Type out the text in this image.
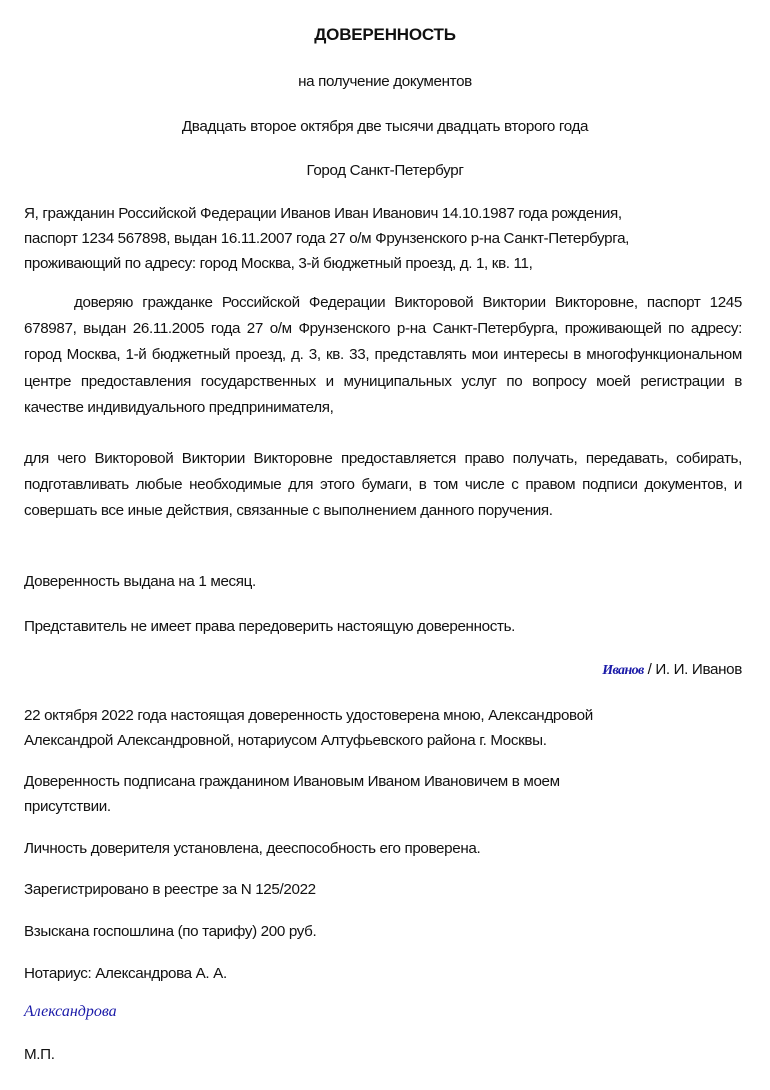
ДОВЕРЕННОСТЬ
на получение документов
Двадцать второе октября две тысячи двадцать второго года
Город Санкт-Петербург
Я, гражданин Российской Федерации Иванов Иван Иванович 14.10.1987 года рождения,
паспорт 1234 567898, выдан 16.11.2007 года 27 о/м Фрунзенского р-на Санкт-Петербурга,
проживающий по адресу: город Москва, 3-й бюджетный проезд, д. 1, кв. 11,
доверяю гражданке Российской Федерации Викторовой Виктории Викторовне, паспорт 1245 678987, выдан 26.11.2005 года 27 о/м Фрунзенского р-на Санкт-Петербурга, проживающей по адресу: город Москва, 1-й бюджетный проезд, д. 3, кв. 33, представлять мои интересы в многофункциональном центре предоставления государственных и муниципальных услуг по вопросу моей регистрации в качестве индивидуального предпринимателя,
для чего Викторовой Виктории Викторовне предоставляется право получать, передавать, собирать, подготавливать любые необходимые для этого бумаги, в том числе с правом подписи документов, и совершать все иные действия, связанные с выполнением данного поручения.
Доверенность выдана на 1 месяц.
Представитель не имеет права передоверить настоящую доверенность.
Иванов / И. И. Иванов
22 октября 2022 года настоящая доверенность удостоверена мною, Александровой
Александрой Александровной, нотариусом Алтуфьевского района г. Москвы.
Доверенность подписана гражданином Ивановым Иваном Ивановичем в моем
присутствии.
Личность доверителя установлена, дееспособность его проверена.
Зарегистрировано в реестре за N 125/2022
Взыскана госпошлина (по тарифу) 200 руб.
Нотариус: Александрова А. А.
Александрова
М.П.
